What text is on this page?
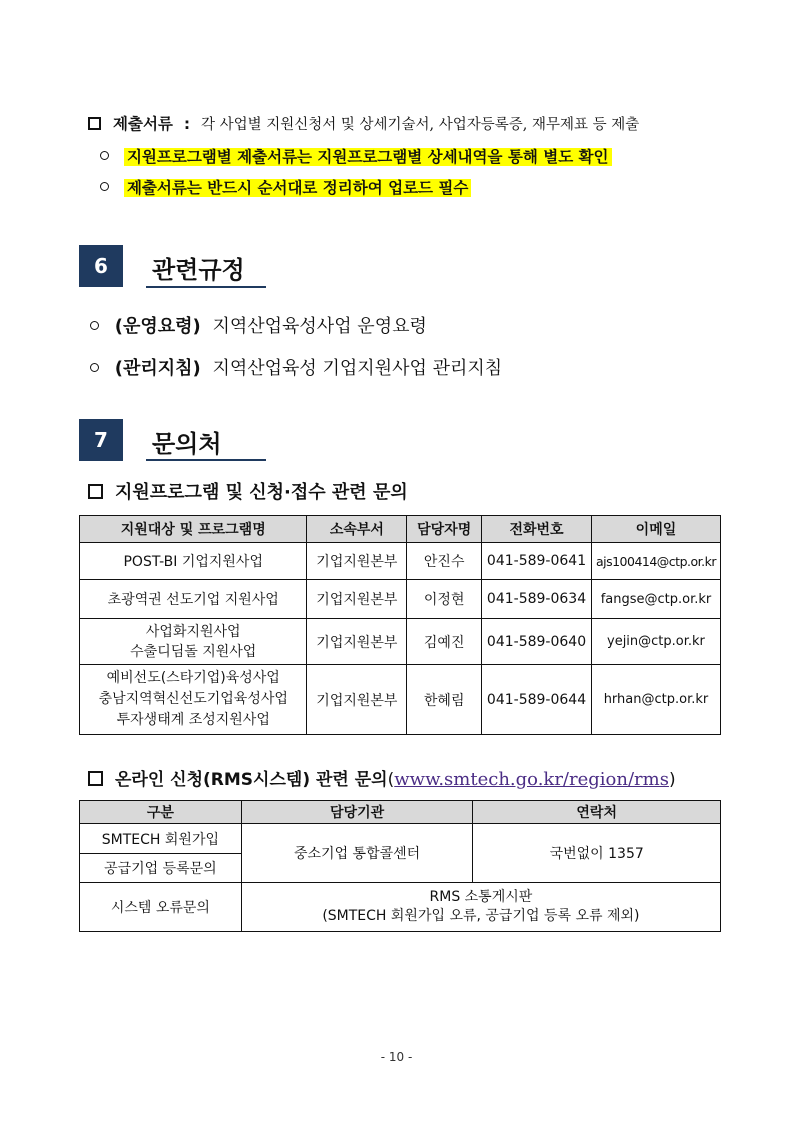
제출서류 : 각 사업별 지원신청서 및 상세기술서, 사업자등록증, 재무제표 등 제출
지원프로그램별 제출서류는 지원프로그램별 상세내역을 통해 별도 확인
제출서류는 반드시 순서대로 정리하여 업로드 필수
6	관련규정
(운영요령) 지역산업육성사업 운영요령
(관리지침) 지역산업육성 기업지원사업 관리지침
7	문의처
지원프로그램 및 신청·접수 관련 문의
지원대상 및 프로그램명	소속부서	담당자명	전화번호	이메일
POST-BI 기업지원사업	기업지원본부	안진수	041-589-0641	ajs100414@ctp.or.kr
초광역권 선도기업 지원사업	기업지원본부	이정현	041-589-0634	fangse@ctp.or.kr

사업화지원사업
수출디딤돌 지원사업	기업지원본부	김예진	041-589-0640	yejin@ctp.or.kr

예비선도(스타기업)육성사업
충남지역혁신선도기업육성사업
투자생태계 조성지원사업	기업지원본부	한혜림	041-589-0644	hrhan@ctp.or.kr
온라인 신청(RMS시스템) 관련 문의(www.smtech.go.kr/region/rms)
구분	담당기관	연락처
SMTECH 회원가입	중소기업 통합콜센터	국번없이 1357
공급기업 등록문의		
시스템 오류문의	RMS 소통게시판
(SMTECH 회원가입 오류, 공급기업 등록 오류 제외)	
- 10 -
